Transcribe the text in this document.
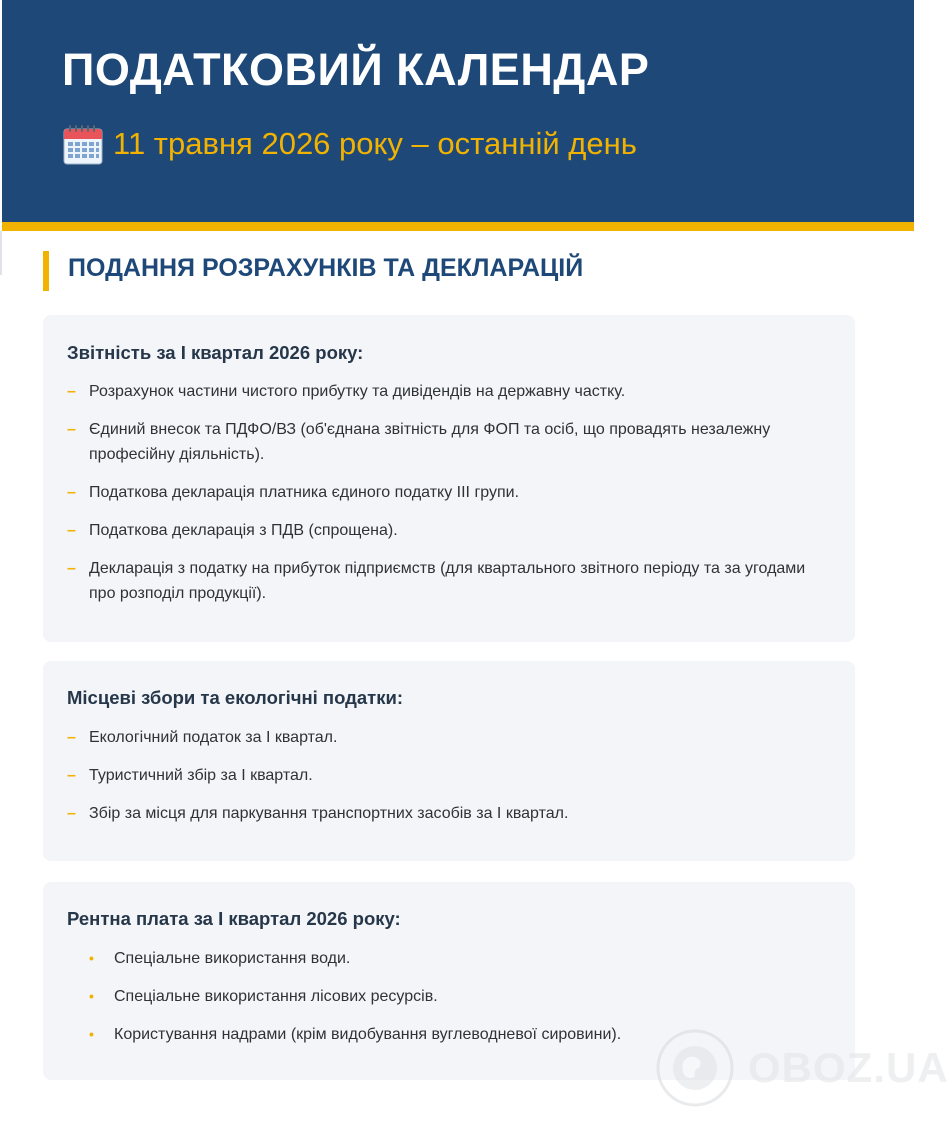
ПОДАТКОВИЙ КАЛЕНДАР
11 травня 2026 року – останній день
ПОДАННЯ РОЗРАХУНКІВ ТА ДЕКЛАРАЦІЙ
Звітність за I квартал 2026 року:
– Розрахунок частини чистого прибутку та дивідендів на державну частку.
– Єдиний внесок та ПДФО/ВЗ (об'єднана звітність для ФОП та осіб, що провадять незалежну професійну діяльність).
– Податкова декларація платника єдиного податку III групи.
– Податкова декларація з ПДВ (спрощена).
– Декларація з податку на прибуток підприємств (для квартального звітного періоду та за угодами про розподіл продукції).
Місцеві збори та екологічні податки:
– Екологічний податок за I квартал.
– Туристичний збір за I квартал.
– Збір за місця для паркування транспортних засобів за I квартал.
Рентна плата за I квартал 2026 року:
• Спеціальне використання води.
• Спеціальне використання лісових ресурсів.
• Користування надрами (крім видобування вуглеводневої сировини).
OBOZ.UA
